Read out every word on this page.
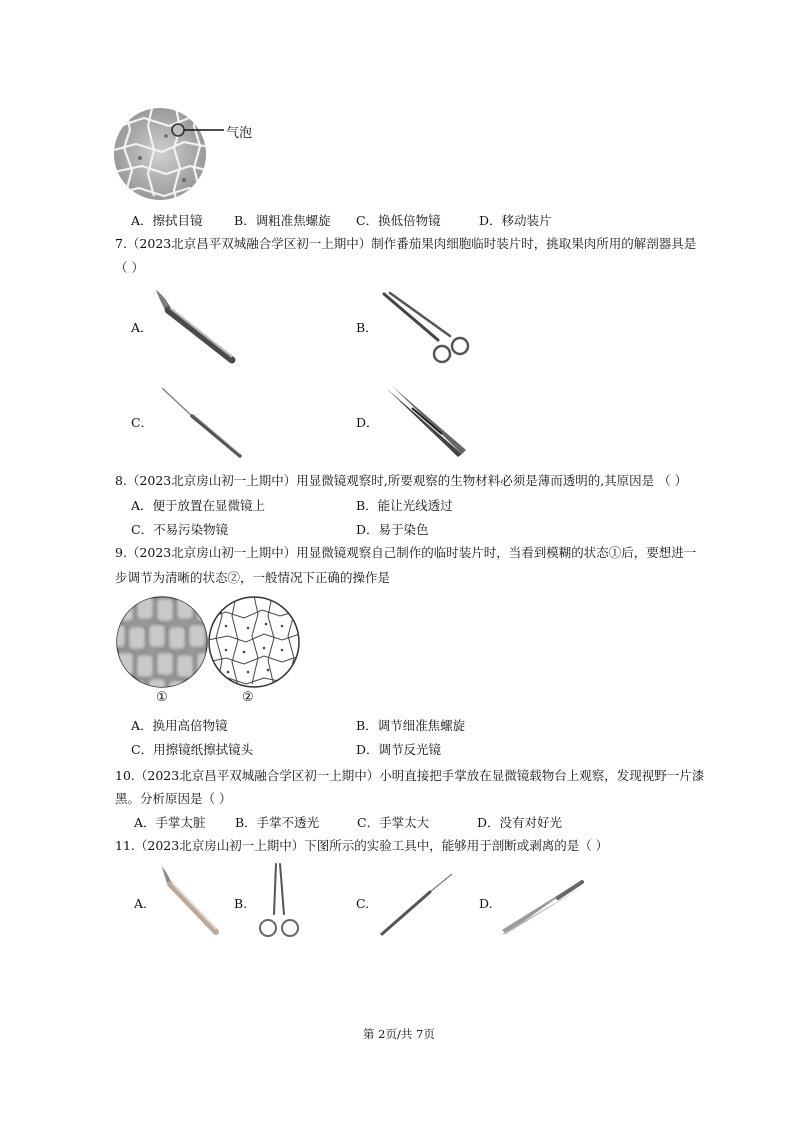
气泡
A．擦拭目镜	B．调粗准焦螺旋 C．换低倍物镜	D．移动装片
7.（2023北京昌平双城融合学区初一上期中）制作番茄果肉细胞临时装片时，挑取果肉所用的解剖器具是
（ ）
A．	B．
C．	D．
8.（2023北京房山初一上期中）用显微镜观察时,所要观察的生物材料必须是薄而透明的,其原因是 （ ）
A．便于放置在显微镜上	B．能让光线透过
C．不易污染物镜	D．易于染色
9.（2023北京房山初一上期中）用显微镜观察自己制作的临时装片时，当看到模糊的状态①后，要想进一
步调节为清晰的状态②，一般情况下正确的操作是
①	②
A．换用高倍物镜	B．调节细准焦螺旋
C．用擦镜纸擦拭镜头	D．调节反光镜
10.（2023北京昌平双城融合学区初一上期中）小明直接把手掌放在显微镜载物台上观察，发现视野一片漆
黑。分析原因是（ ）
A．手掌太脏 B．手掌不透光	C．手掌太大	D．没有对好光
11.（2023北京房山初一上期中）下图所示的实验工具中，能够用于剖断或剥离的是（ ）
A.	B.	C.	D.
第 2页/共 7页
